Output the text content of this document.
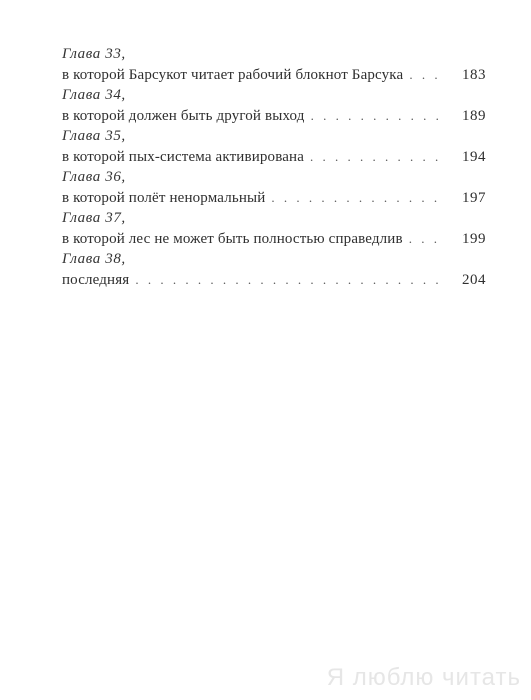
Глава 33,
в которой Барсукот читает рабочий блокнот Барсука . . .	183
Глава 34,
в которой должен быть другой выход . . .	189
Глава 35,
в которой пых-система активирована . . .	194
Глава 36,
в которой полёт ненормальный . . .	197
Глава 37,
в которой лес не может быть полностью справедлив . . .	199
Глава 38,
последняя . . .	204
Я люблю читать
